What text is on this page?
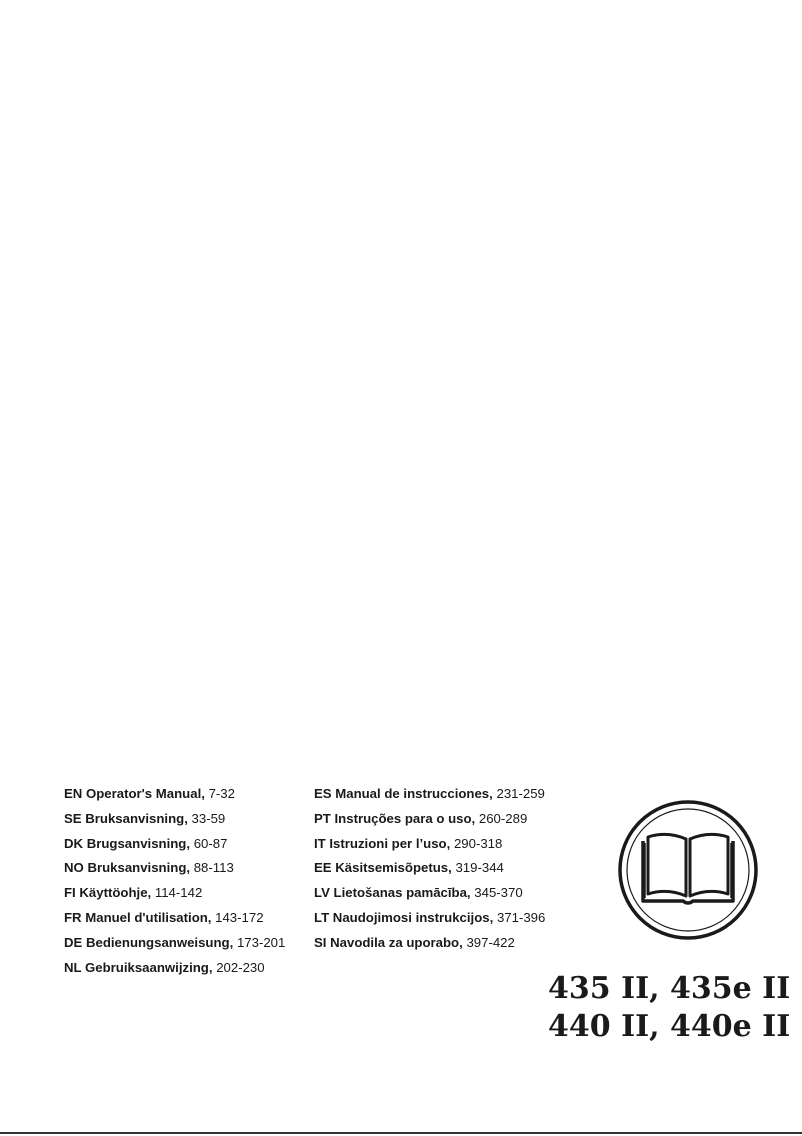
EN Operator's Manual, 7-32
SE Bruksanvisning, 33-59
DK Brugsanvisning, 60-87
NO Bruksanvisning, 88-113
FI Käyttöohje, 114-142
FR Manuel d'utilisation, 143-172
DE Bedienungsanweisung, 173-201
NL Gebruiksaanwijzing, 202-230
ES Manual de instrucciones, 231-259
PT Instruções para o uso, 260-289
IT Istruzioni per l’uso, 290-318
EE Käsitsemisõpetus, 319-344
LV Lietošanas pamācība, 345-370
LT Naudojimosi instrukcijos, 371-396
SI Navodila za uporabo, 397-422
435 II, 435e II
440 II, 440e II
